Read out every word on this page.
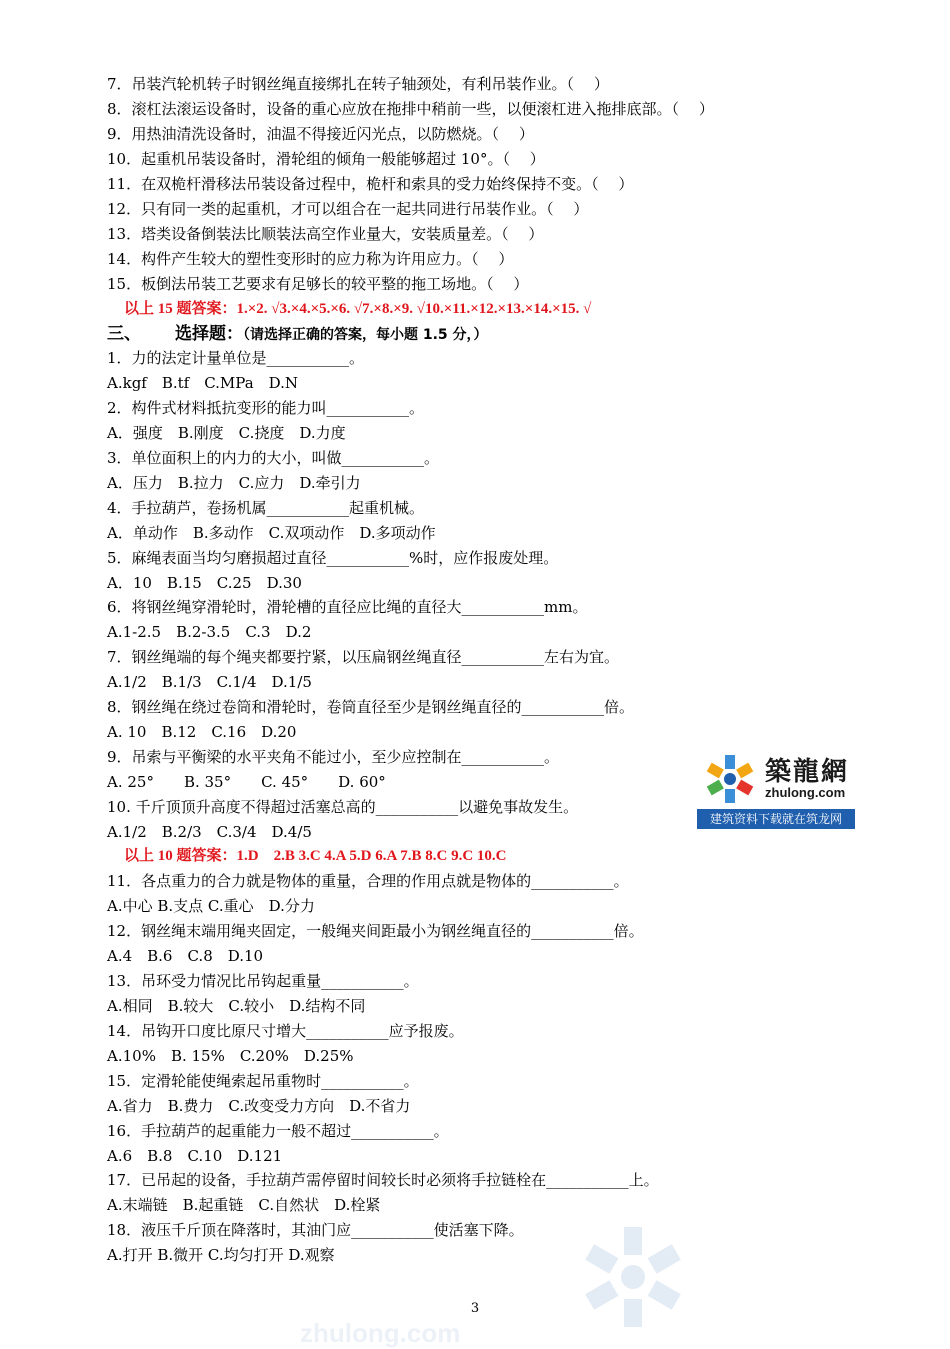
7．吊装汽轮机转子时钢丝绳直接绑扎在转子轴颈处，有利吊装作业。（　 ）
8．滚杠法滚运设备时，设备的重心应放在拖排中稍前一些，以便滚杠进入拖排底部。（　 ）
9．用热油清洗设备时，油温不得接近闪光点，以防燃烧。（　 ）
10．起重机吊装设备时，滑轮组的倾角一般能够超过 10°。（　 ）
11．在双桅杆滑移法吊装设备过程中，桅杆和索具的受力始终保持不变。（　 ）
12．只有同一类的起重机，才可以组合在一起共同进行吊装作业。（　 ）
13．塔类设备倒装法比顺装法高空作业量大，安装质量差。（　 ）
14．构件产生较大的塑性变形时的应力称为许用应力。（　 ）
15．板倒法吊装工艺要求有足够长的较平整的拖工场地。（　 ）
以上 15 题答案：1.×2. √3.×4.×5.×6. √7.×8.×9. √10.×11.×12.×13.×14.×15. √
三、 选择题：（请选择正确的答案，每小题 1.5 分，）
1．力的法定计量单位是___________。
A.kgf　B.tf　C.MPa　D.N
2．构件式材料抵抗变形的能力叫___________。
A．强度　B.刚度　C.挠度　D.力度
3．单位面积上的内力的大小，叫做___________。
A．压力　B.拉力　C.应力　D.牵引力
4．手拉葫芦，卷扬机属___________起重机械。
A．单动作　B.多动作　C.双项动作　D.多项动作
5．麻绳表面当均匀磨损超过直径___________%时，应作报废处理。
A．10　B.15　C.25　D.30
6．将钢丝绳穿滑轮时，滑轮槽的直径应比绳的直径大___________mm。
A.1-2.5　B.2-3.5　C.3　D.2
7．钢丝绳端的每个绳夹都要拧紧，以压扁钢丝绳直径___________左右为宜。
A.1/2　B.1/3　C.1/4　D.1/5
8．钢丝绳在绕过卷筒和滑轮时，卷筒直径至少是钢丝绳直径的___________倍。
A. 10　B.12　C.16　D.20
9．吊索与平衡梁的水平夹角不能过小，至少应控制在___________。
A. 25°　　B. 35°　　C. 45°　　D. 60°
10. 千斤顶顶升高度不得超过活塞总高的___________以避免事故发生。
A.1/2　B.2/3　C.3/4　D.4/5
以上 10 题答案：1.D　2.B 3.C 4.A 5.D 6.A 7.B 8.C 9.C 10.C
11．各点重力的合力就是物体的重量，合理的作用点就是物体的___________。
A.中心 B.支点 C.重心　D.分力
12．钢丝绳末端用绳夹固定，一般绳夹间距最小为钢丝绳直径的___________倍。
A.4　B.6　C.8　D.10
13．吊环受力情况比吊钩起重量___________。
A.相同　B.较大　C.较小　D.结构不同
14．吊钩开口度比原尺寸增大___________应予报废。
A.10%　B. 15%　C.20%　D.25%
15．定滑轮能使绳索起吊重物时___________。
A.省力　B.费力　C.改变受力方向　D.不省力
16．手拉葫芦的起重能力一般不超过___________。
A.6　B.8　C.10　D.121
17．已吊起的设备，手拉葫芦需停留时间较长时必须将手拉链栓在___________上。
A.末端链　B.起重链　C.自然状　D.栓紧
18．液压千斤顶在降落时，其油门应___________使活塞下降。
A.打开 B.微开 C.均匀打开 D.观察
築龍網
zhulong.com
建筑资料下载就在筑龙网
zhulong.com
3
